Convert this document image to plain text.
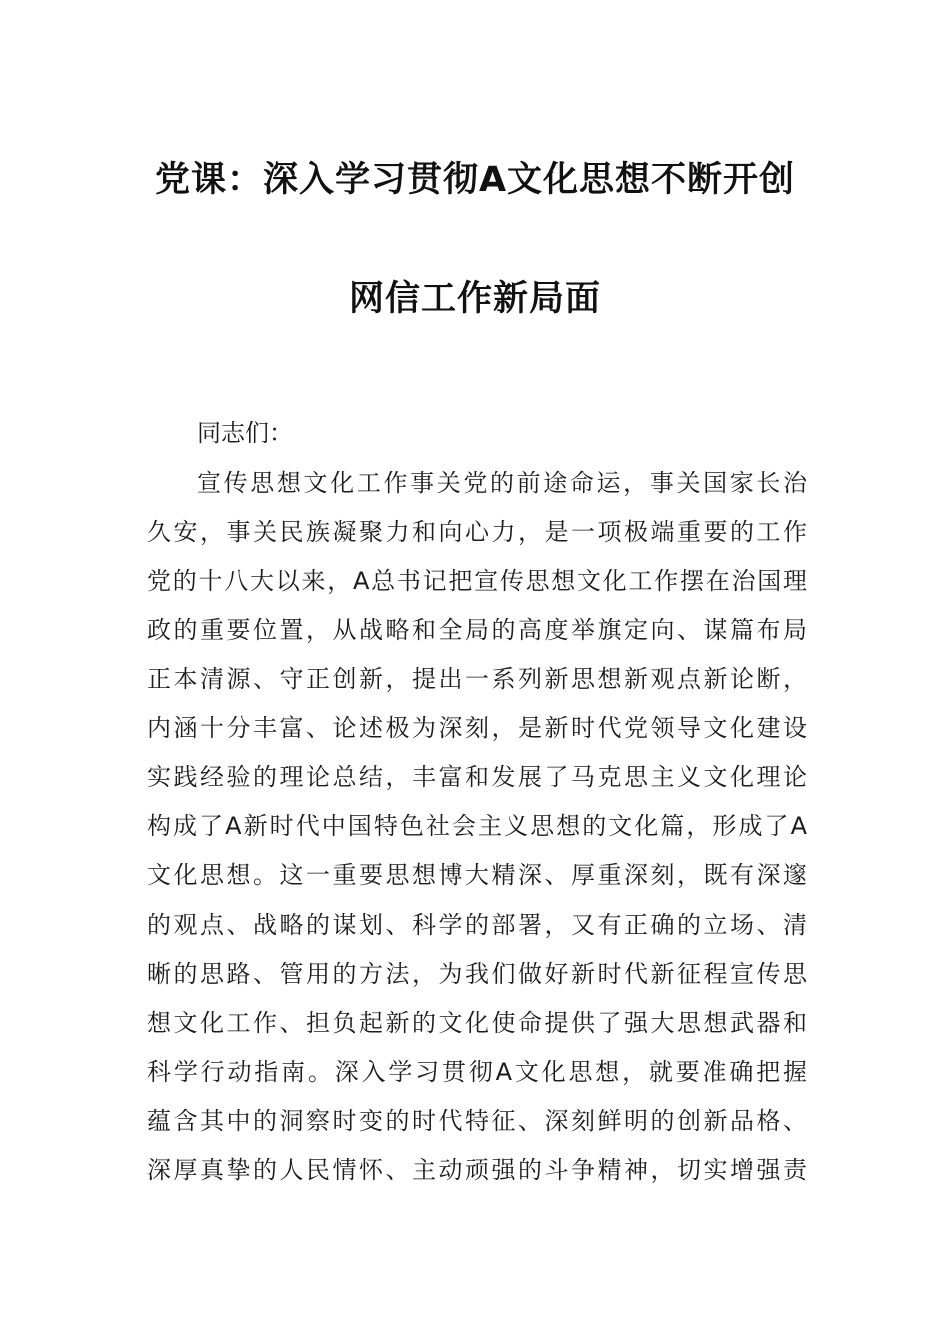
党课：深入学习贯彻A文化思想不断开创
网信工作新局面
同志们：
宣传思想文化工作事关党的前途命运，事关国家长治
久安，事关民族凝聚力和向心力，是一项极端重要的工作
党的十八大以来，A总书记把宣传思想文化工作摆在治国理
政的重要位置，从战略和全局的高度举旗定向、谋篇布局
正本清源、守正创新，提出一系列新思想新观点新论断，
内涵十分丰富、论述极为深刻，是新时代党领导文化建设
实践经验的理论总结，丰富和发展了马克思主义文化理论
构成了A新时代中国特色社会主义思想的文化篇，形成了A
文化思想。这一重要思想博大精深、厚重深刻，既有深邃
的观点、战略的谋划、科学的部署，又有正确的立场、清
晰的思路、管用的方法，为我们做好新时代新征程宣传思
想文化工作、担负起新的文化使命提供了强大思想武器和
科学行动指南。深入学习贯彻A文化思想，就要准确把握
蕴含其中的洞察时变的时代特征、深刻鲜明的创新品格、
深厚真挚的人民情怀、主动顽强的斗争精神，切实增强责
